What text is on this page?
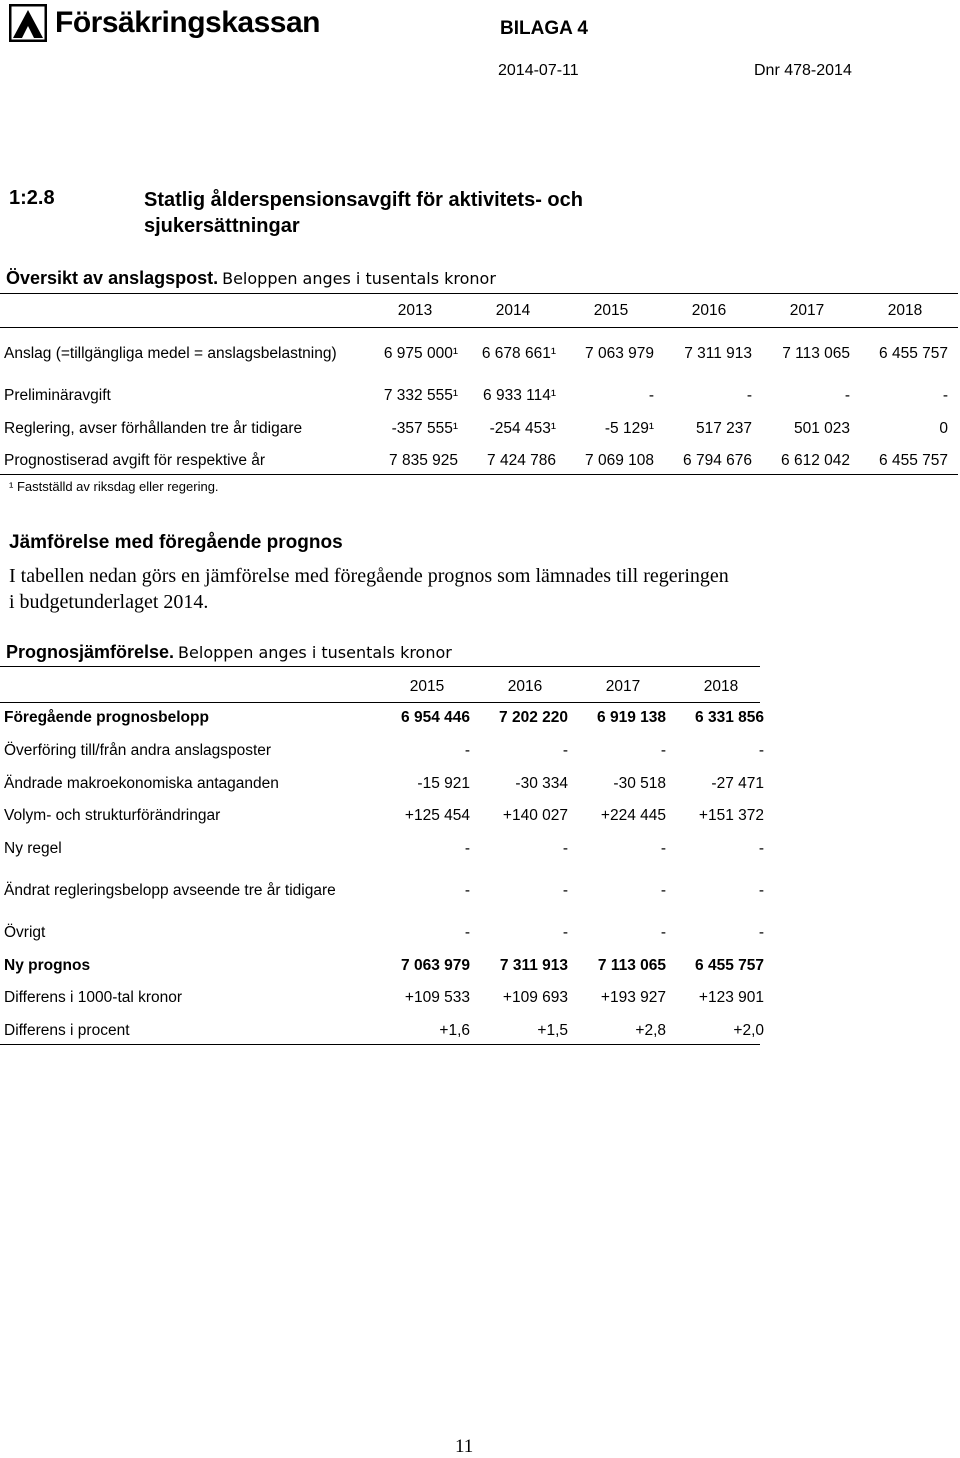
Försäkringskassan	BILAGA 4
2014-07-11	Dnr 478-2014
1:2.8	Statlig ålderspensionsavgift för aktivitets- och sjukersättningar
Översikt av anslagspost. Beloppen anges i tusentals kronor
2013	2014	2015	2016	2017	2018
Anslag (=tillgängliga medel = anslagsbelastning)	6 975 000¹	6 678 661¹	7 063 979	7 311 913	7 113 065	6 455 757
Preliminäravgift	7 332 555¹	6 933 114¹	-	-	-	-
Reglering, avser förhållanden tre år tidigare	-357 555¹	-254 453¹	-5 129¹	517 237	501 023	0
Prognostiserad avgift för respektive år	7 835 925	7 424 786	7 069 108	6 794 676	6 612 042	6 455 757
¹ Fastställd av riksdag eller regering.
Jämförelse med föregående prognos
I tabellen nedan görs en jämförelse med föregående prognos som lämnades till regeringen i budgetunderlaget 2014.
Prognosjämförelse. Beloppen anges i tusentals kronor
2015	2016	2017	2018
Föregående prognosbelopp	6 954 446	7 202 220	6 919 138	6 331 856
Överföring till/från andra anslagsposter	-	-	-	-
Ändrade makroekonomiska antaganden	-15 921	-30 334	-30 518	-27 471
Volym- och strukturförändringar	+125 454	+140 027	+224 445	+151 372
Ny regel	-	-	-	-
Ändrat regleringsbelopp avseende tre år tidigare	-	-	-	-
Övrigt	-	-	-	-
Ny prognos	7 063 979	7 311 913	7 113 065	6 455 757
Differens i 1000-tal kronor	+109 533	+109 693	+193 927	+123 901
Differens i procent	+1,6	+1,5	+2,8	+2,0
11
